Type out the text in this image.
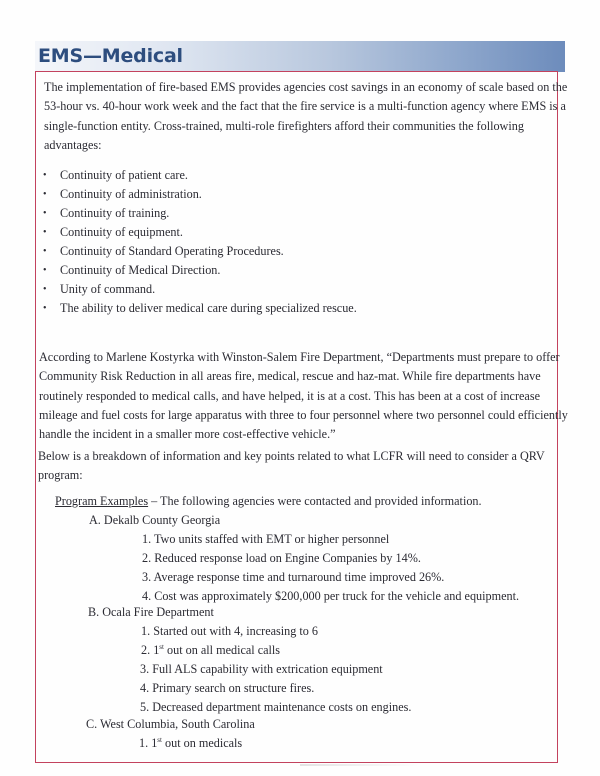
EMS—Medical
The implementation of fire-based EMS provides agencies cost savings in an economy of scale based on the
53-hour vs. 40-hour work week and the fact that the fire service is a multi-function agency where EMS is a
single-function entity. Cross-trained, multi-role firefighters afford their communities the following
advantages:
• Continuity of patient care.
• Continuity of administration.
• Continuity of training.
• Continuity of equipment.
• Continuity of Standard Operating Procedures.
• Continuity of Medical Direction.
• Unity of command.
• The ability to deliver medical care during specialized rescue.
According to Marlene Kostyrka with Winston-Salem Fire Department, “Departments must prepare to offer
Community Risk Reduction in all areas fire, medical, rescue and haz-mat. While fire departments have
routinely responded to medical calls, and have helped, it is at a cost. This has been at a cost of increase
mileage and fuel costs for large apparatus with three to four personnel where two personnel could efficiently
handle the incident in a smaller more cost-effective vehicle.”
Below is a breakdown of information and key points related to what LCFR will need to consider a QRV
program:
Program Examples – The following agencies were contacted and provided information.
A. Dekalb County Georgia
1. Two units staffed with EMT or higher personnel
2. Reduced response load on Engine Companies by 14%.
3. Average response time and turnaround time improved 26%.
4. Cost was approximately $200,000 per truck for the vehicle and equipment.
B. Ocala Fire Department
1. Started out with 4, increasing to 6
2. 1st out on all medical calls
3. Full ALS capability with extrication equipment
4. Primary search on structure fires.
5. Decreased department maintenance costs on engines.
C. West Columbia, South Carolina
1. 1st out on medicals
